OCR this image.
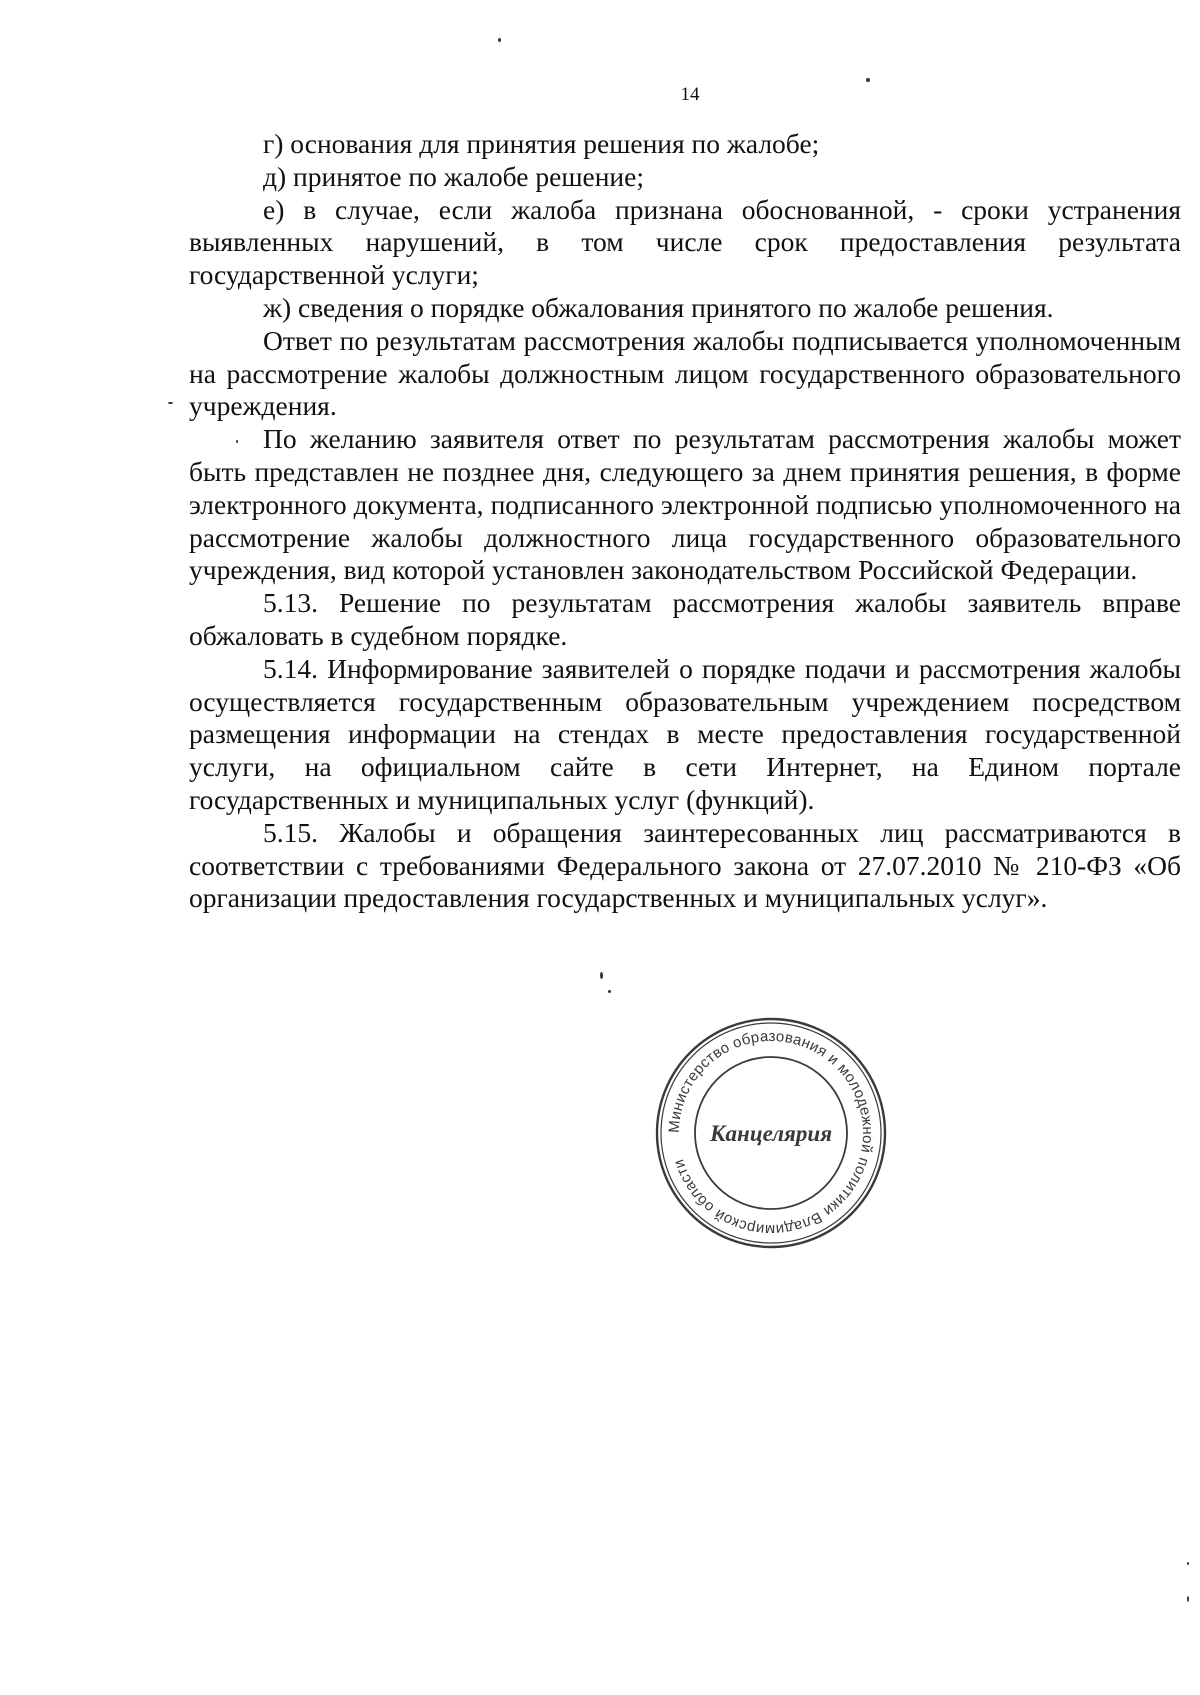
14

г) основания для принятия решения по жалобе;

д) принятое по жалобе решение;

е) в случае, если жалоба признана обоснованной, - сроки устранения выявленных нарушений, в том числе срок предоставления результата государственной услуги;

ж) сведения о порядке обжалования принятого по жалобе решения.

Ответ по результатам рассмотрения жалобы подписывается уполномоченным на рассмотрение жалобы должностным лицом государственного образовательного учреждения.

По желанию заявителя ответ по результатам рассмотрения жалобы может быть представлен не позднее дня, следующего за днем принятия решения, в форме электронного документа, подписанного электронной подписью уполномоченного на рассмотрение жалобы должностного лица государственного образовательного учреждения, вид которой установлен законодательством Российской Федерации.

5.13. Решение по результатам рассмотрения жалобы заявитель вправе обжаловать в судебном порядке.

5.14. Информирование заявителей о порядке подачи и рассмотрения жалобы осуществляется государственным образовательным учреждением посредством размещения информации на стендах в месте предоставления государственной услуги, на официальном сайте в сети Интернет, на Едином портале государственных и муниципальных услуг (функций).

5.15. Жалобы и обращения заинтересованных лиц рассматриваются в соответствии с требованиями Федерального закона от 27.07.2010 № 210-ФЗ «Об организации предоставления государственных и муниципальных услуг».

Министерство образования и молодежной политики Владимирской области
Канцелярия
